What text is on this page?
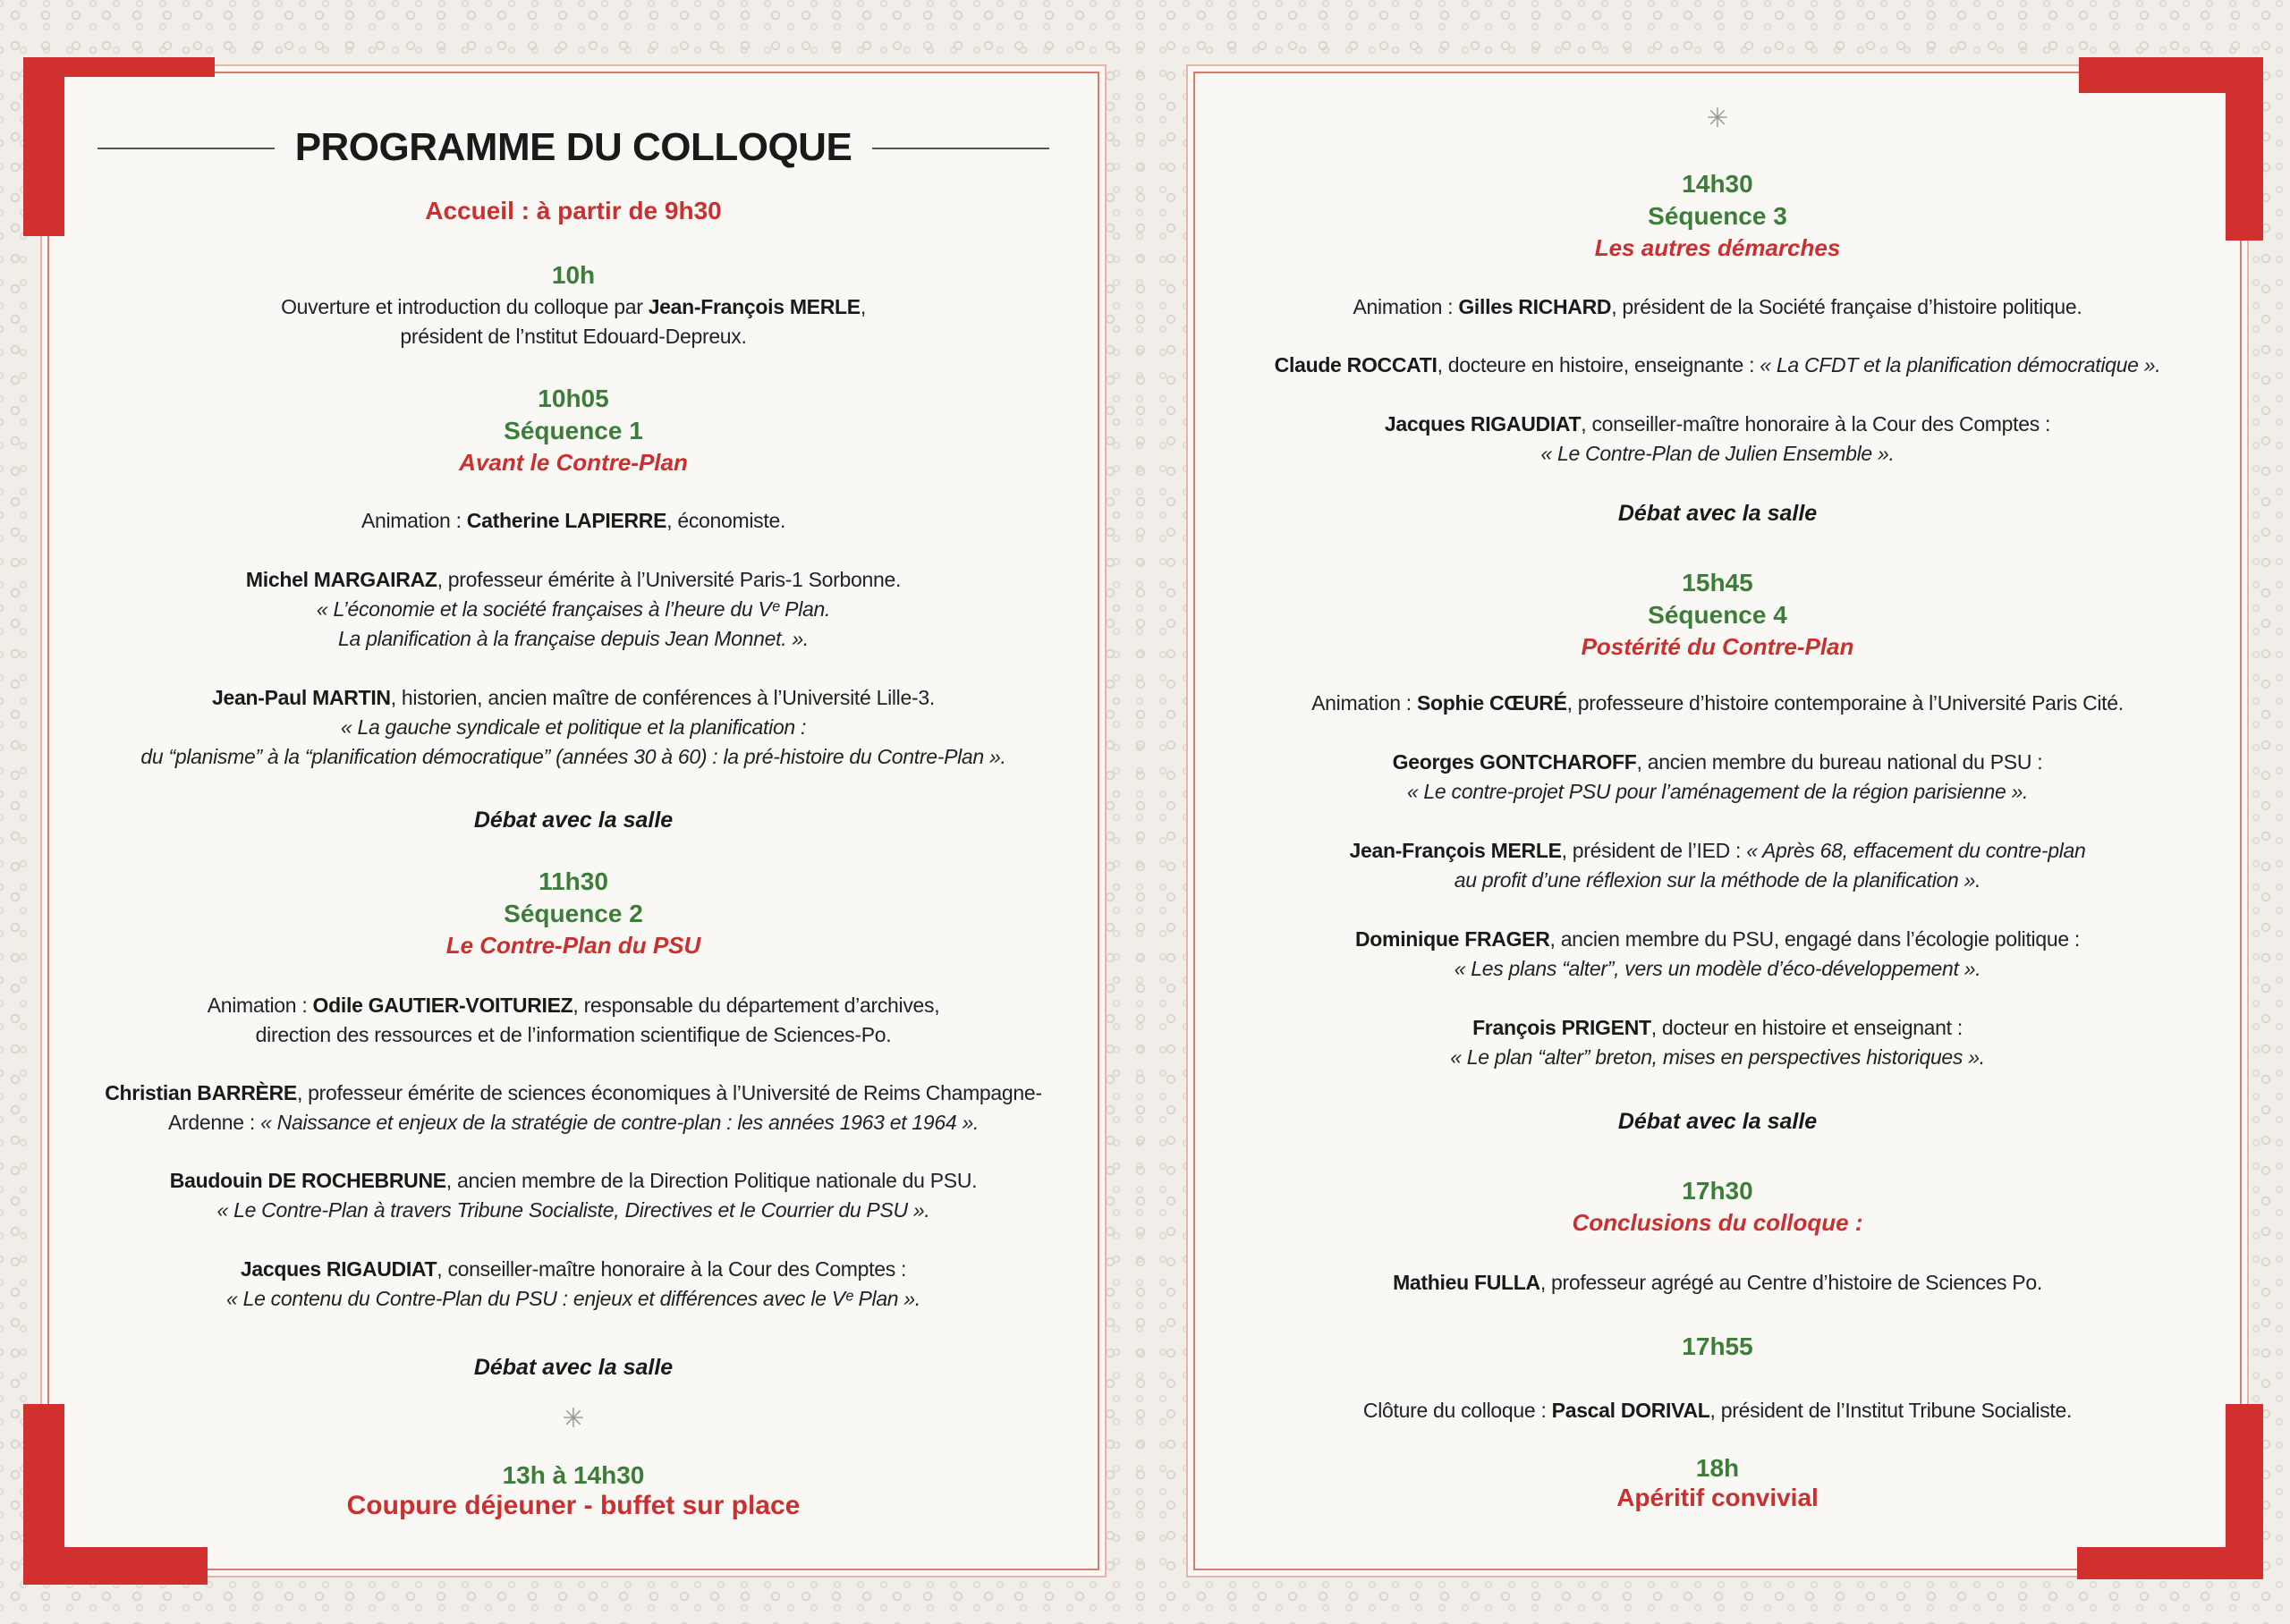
PROGRAMME DU COLLOQUE
Accueil : à partir de 9h30
10h
Ouverture et introduction du colloque par Jean-François MERLE,
président de l’nstitut Edouard-Depreux.
10h05
Séquence 1
Avant le Contre-Plan
Animation : Catherine LAPIERRE, économiste.
Michel MARGAIRAZ, professeur émérite à l’Université Paris-1 Sorbonne.
« L’économie et la société françaises à l’heure du Vᵉ Plan.
La planification à la française depuis Jean Monnet. ».
Jean-Paul MARTIN, historien, ancien maître de conférences à l’Université Lille-3.
« La gauche syndicale et politique et la planification :
du “planisme” à la “planification démocratique” (années 30 à 60) : la pré-histoire du Contre-Plan ».
Débat avec la salle
11h30
Séquence 2
Le Contre-Plan du PSU
Animation : Odile GAUTIER-VOITURIEZ, responsable du département d’archives,
direction des ressources et de l’information scientifique de Sciences-Po.
Christian BARRÈRE, professeur émérite de sciences économiques à l’Université de Reims Champagne-
Ardenne : « Naissance et enjeux de la stratégie de contre-plan : les années 1963 et 1964 ».
Baudouin DE ROCHEBRUNE, ancien membre de la Direction Politique nationale du PSU.
« Le Contre-Plan à travers Tribune Socialiste, Directives et le Courrier du PSU ».
Jacques RIGAUDIAT, conseiller-maître honoraire à la Cour des Comptes :
« Le contenu du Contre-Plan du PSU : enjeux et différences avec le Vᵉ Plan ».
Débat avec la salle
✳
13h à 14h30
Coupure déjeuner - buffet sur place
✳
14h30
Séquence 3
Les autres démarches
Animation : Gilles RICHARD, président de la Société française d’histoire politique.
Claude ROCCATI, docteure en histoire, enseignante : « La CFDT et la planification démocratique ».
Jacques RIGAUDIAT, conseiller-maître honoraire à la Cour des Comptes :
« Le Contre-Plan de Julien Ensemble ».
Débat avec la salle
15h45
Séquence 4
Postérité du Contre-Plan
Animation : Sophie CŒURÉ, professeure d’histoire contemporaine à l’Université Paris Cité.
Georges GONTCHAROFF, ancien membre du bureau national du PSU :
« Le contre-projet PSU pour l’aménagement de la région parisienne ».
Jean-François MERLE, président de l’IED : « Après 68, effacement du contre-plan
au profit d’une réflexion sur la méthode de la planification ».
Dominique FRAGER, ancien membre du PSU, engagé dans l’écologie politique :
« Les plans “alter”, vers un modèle d’éco-développement ».
François PRIGENT, docteur en histoire et enseignant :
« Le plan “alter” breton, mises en perspectives historiques ».
Débat avec la salle
17h30
Conclusions du colloque :
Mathieu FULLA, professeur agrégé au Centre d’histoire de Sciences Po.
17h55
Clôture du colloque : Pascal DORIVAL, président de l’Institut Tribune Socialiste.
18h
Apéritif convivial
